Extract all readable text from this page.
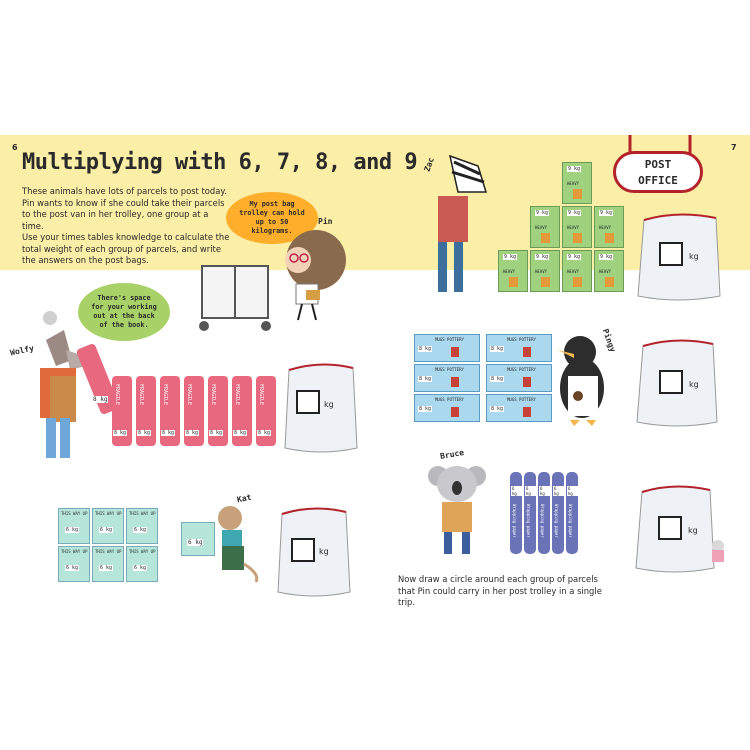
6	7
Multiplying with 6, 7, 8, and 9
These animals have lots of parcels to post today. Pin wants to know if she could take their parcels to the post van in her trolley, one group at a time.
Use your times tables knowledge to calculate the total weight of each group of parcels, and write the answers on the post bags.
My post bag trolley can hold up to 50 kilograms.
Pin
There's space for your working out at the back of the book.
Wolfy
8 kg FRAGILE
8 kg
FRAGILE
8 kg
FRAGILE
8 kg
FRAGILE
8 kg
FRAGILE
8 kg
FRAGILE
8 kg
FRAGILE
8 kg
kg
THIS WAY UP
6 kg
THIS WAY UP
6 kg
THIS WAY UP
6 kg
THIS WAY UP
6 kg
THIS WAY UP
6 kg
THIS WAY UP
6 kg
Kat
6 kg
kg
Zac	9 kg
HEAVY
9 kg
HEAVY
9 kg
HEAVY
9 kg
HEAVY
9 kg
HEAVY
9 kg
HEAVY
9 kg
HEAVY
9 kg
HEAVY
POST
OFFICE
kg
MUGS POTTERY
8 kg
MUGS POTTERY
8 kg
MUGS POTTERY
8 kg
MUGS POTTERY
8 kg
MUGS POTTERY
8 kg
MUGS POTTERY
8 kg
Pingy
kg
Bruce
6 kg
Wrapping paper
6 kg
Wrapping paper
6 kg
Wrapping paper
6 kg
Wrapping paper
6 kg
Wrapping paper	kg
Now draw a circle around each group of parcels that Pin could carry in her post trolley in a single trip.
